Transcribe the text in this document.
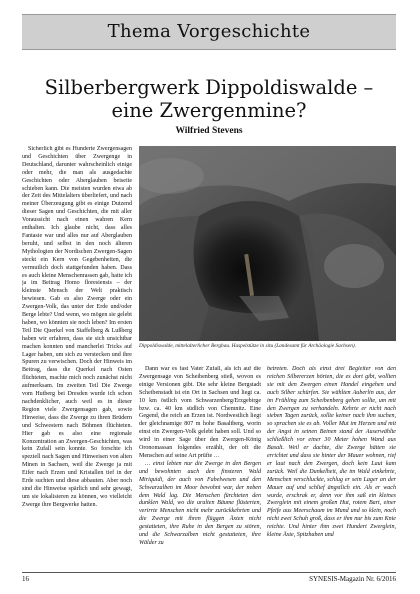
Thema Vorgeschichte
Silberbergwerk Dippoldiswalde –
eine Zwergenmine?
Wilfried Stevens

Sicherlich gibt es Hunderte Zwergensagen und Geschichten über Zwergenge in Deutschland, darunter wahrscheinlich einige oder mehr, die man als ausgedachte Geschichten oder Aberglauben beiseite schieben kann. Die meisten wurden etwa ab der Zeit des Mittelalters überliefert, und nach meiner Überzeugung gibt es einige Dutzend dieser Sagen und Geschichten, die mit aller Voraussicht nach einen wahren Kern enthalten. Ich glaube nicht, dass alles Fantasie war und alles nur auf Aberglauben beruht, und selbst in den noch älteren Mythologien der Nordischen Zwergen-Sagen steckt ein Kern von Gegebenheiten, die vermutlich doch stattgefunden haben. Dass es auch kleine Menschenrassen gab, hatte ich ja im Beitrag Homo floresiensis – der kleinste Mensch der Welt praktisch bewiesen. Gab es also Zwerge oder ein Zwergen-Volk, das unter der Erde und/oder Berge lebte? Und wenn, wo mögen sie gelebt haben, wo könnten sie noch leben? Im ersten Teil Die Querkel von Staffelberg & Lußberg haben wir erfahren, dass sie sich unsichtbar machen konnten und mancherlei Tricks auf Lager haben, um sich zu verstecken und ihre Spuren zu verwischen. Doch der Hinweis im Beitrag, dass die Querkel nach Osten flüchteten, machte mich noch zunächst nicht aufmerksam. Im zweiten Teil Die Zwerge vom Hutberg bei Dresden wurde ich schon nachdenklicher, auch weil es in dieser Region viele Zwergensagen gab, sowie Hinweise, dass die Zwerge zu ihren Brüdern und Schwestern nach Böhmen flüchteten. Hier gab es also eine regionale Konzentration an Zwergen-Geschichten, was kein Zufall sein konnte. So forschte ich speziell nach Sagen und Hinweisen von alten Minen in Sachsen, weil die Zwerge ja mit Eifer nach Erzen und Kristallen tief in der Erde suchten und diese abbauten. Aber noch sind die Hinweise spärlich und sehr gewagt, um sie lokalisieren zu können, wo vielleicht Zwerge ihre Bergwerke hatten.

Dippoldiswalde, mittelalterlicher Bergbau. Haspelstütze in situ (Landesamt für Archäologie Sachsen).

Dann war es fast Vater Zufall, als ich auf die Zwergensage von Scheibenberg stieß, wovon es einige Versionen gibt. Die sehr kleine Bergstadt Scheibenstadt ist ein Ort in Sachsen und liegt ca. 10 km östlich vom Schwarzenberg/Erzgebirge bzw. ca. 40 km südlich von Chemnitz. Eine Gegend, die reich an Erzen ist. Nordwestlich liegt der gleichnamige 807 m hohe Basaltberg, worin einst ein Zwergen-Volk gelebt haben soll. Und so wird in einer Sage über den Zwergen-König Oronomassan folgendes erzählt, der oft die Menschen auf seine Art prüfte …

… einst lebten nur die Zwerge in den Bergen und bewohnten auch den finsteren Wald Miriquidi, der auch von Fabelwesen und den Schwarzalben im Moor bewohnt war, der neben dem Wald lag. Die Menschen fürchteten den dunklen Wald, wo die uralten Bäume flüsterten, verirrte Menschen nicht mehr zurückkehrten und die Zwerge mit ihren flüggen Äxten nicht gestatteten, ihre Ruhe in den Bergen zu stören, und die Schwarzalben nicht gestatteten, ihre Wälder zu

betreten. Doch als einst drei Begleiter von den reichen Silbererzen hörten, die es dort gibt, wollten sie mit den Zwergen einen Handel eingehen und auch Silber schürfen. Sie wählten Auberlin aus, der im Frühling zum Scheibenberg gehen sollte, um mit den Zwergen zu verhandeln. Kehrte er nicht nach sieben Tagen zurück, sollte keiner nach ihm suchen, so sprachen sie es ab. Voller Mut im Herzen und mit der Angst in seinen Beinen stand der Auserwählte schließlich vor einer 30 Meter hohen Wand aus Basalt. Weil er dachte, die Zwerge hätten sie errichtet und dass sie hinter der Mauer wohnen, rief er laut nach den Zwergen, doch kein Laut kam zurück. Weil die Dunkelheit, die im Wald einkehrte, Menschen verschluckte, schlug er sein Lager an der Mauer auf und schlief ängstlich ein. Als er wach wurde, erschrak er, denn vor ihm saß ein kleines Zwerglein mit einem großen Hut, rotem Bart, einer Pfeife aus Meerschaum im Mund und so klein, noch nicht zwei Schuh groß, dass er ihm nur bis zum Knie reichte. Und hinter ihm zwei Hundert Zwerglein, kleine Äxte, Spitzhaben und

16	SYNESIS-Magazin Nr. 6/2016
